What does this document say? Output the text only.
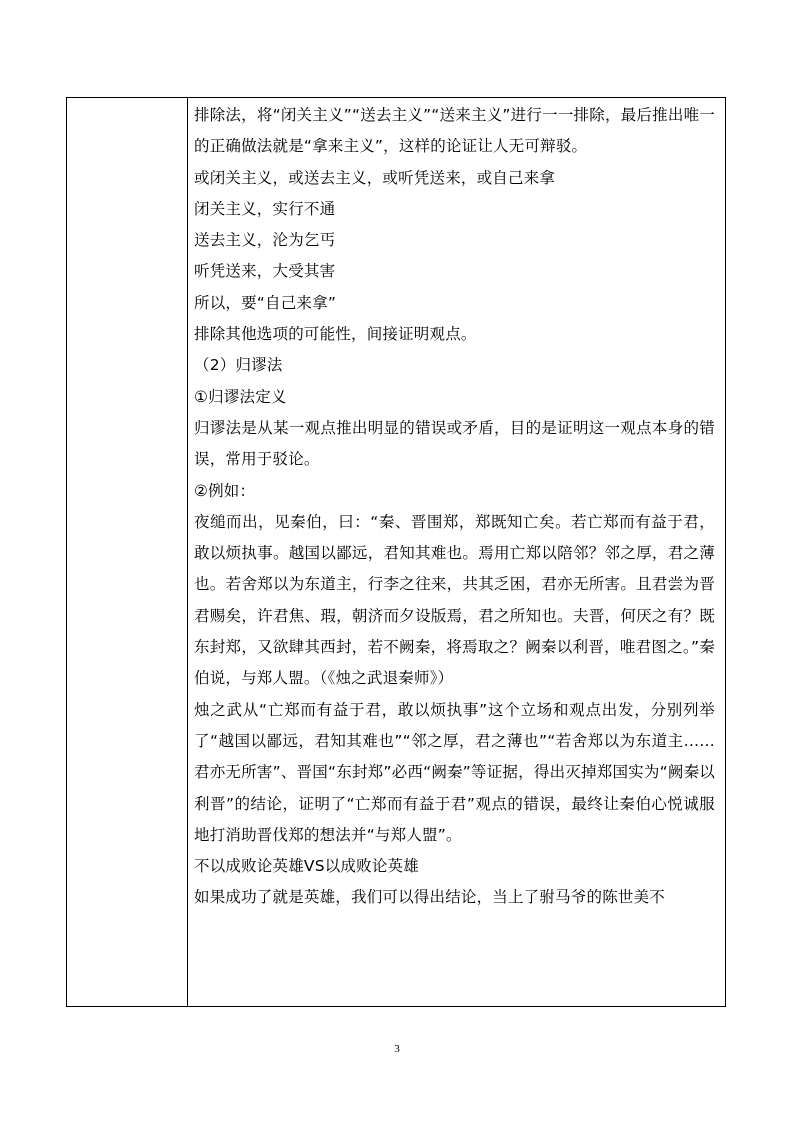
排除法，将“闭关主义”“送去主义”“送来主义”进行一一排除，最后推出唯一的正确做法就是“拿来主义”，这样的论证让人无可辩驳。

或闭关主义，或送去主义，或听凭送来，或自己来拿

闭关主义，实行不通

送去主义，沦为乞丐

听凭送来，大受其害

所以，要“自己来拿”

排除其他选项的可能性，间接证明观点。

（2）归谬法

①归谬法定义

归谬法是从某一观点推出明显的错误或矛盾，目的是证明这一观点本身的错误，常用于驳论。

②例如：

夜缒而出，见秦伯，曰：“秦、晋围郑，郑既知亡矣。若亡郑而有益于君，敢以烦执事。越国以鄙远，君知其难也。焉用亡郑以陪邻？邻之厚，君之薄也。若舍郑以为东道主，行李之往来，共其乏困，君亦无所害。且君尝为晋君赐矣，许君焦、瑕，朝济而夕设版焉，君之所知也。夫晋，何厌之有？既东封郑，又欲肆其西封，若不阙秦，将焉取之？阙秦以利晋，唯君图之。”秦伯说，与郑人盟。（《烛之武退秦师》）

烛之武从“亡郑而有益于君，敢以烦执事”这个立场和观点出发，分别列举了“越国以鄙远，君知其难也”“邻之厚，君之薄也”“若舍郑以为东道主……君亦无所害”、晋国“东封郑”必西“阙秦”等证据，得出灭掉郑国实为“阙秦以利晋”的结论，证明了“亡郑而有益于君”观点的错误，最终让秦伯心悦诚服地打消助晋伐郑的想法并“与郑人盟”。

不以成败论英雄VS以成败论英雄

如果成功了就是英雄，我们可以得出结论，当上了驸马爷的陈世美不

3
